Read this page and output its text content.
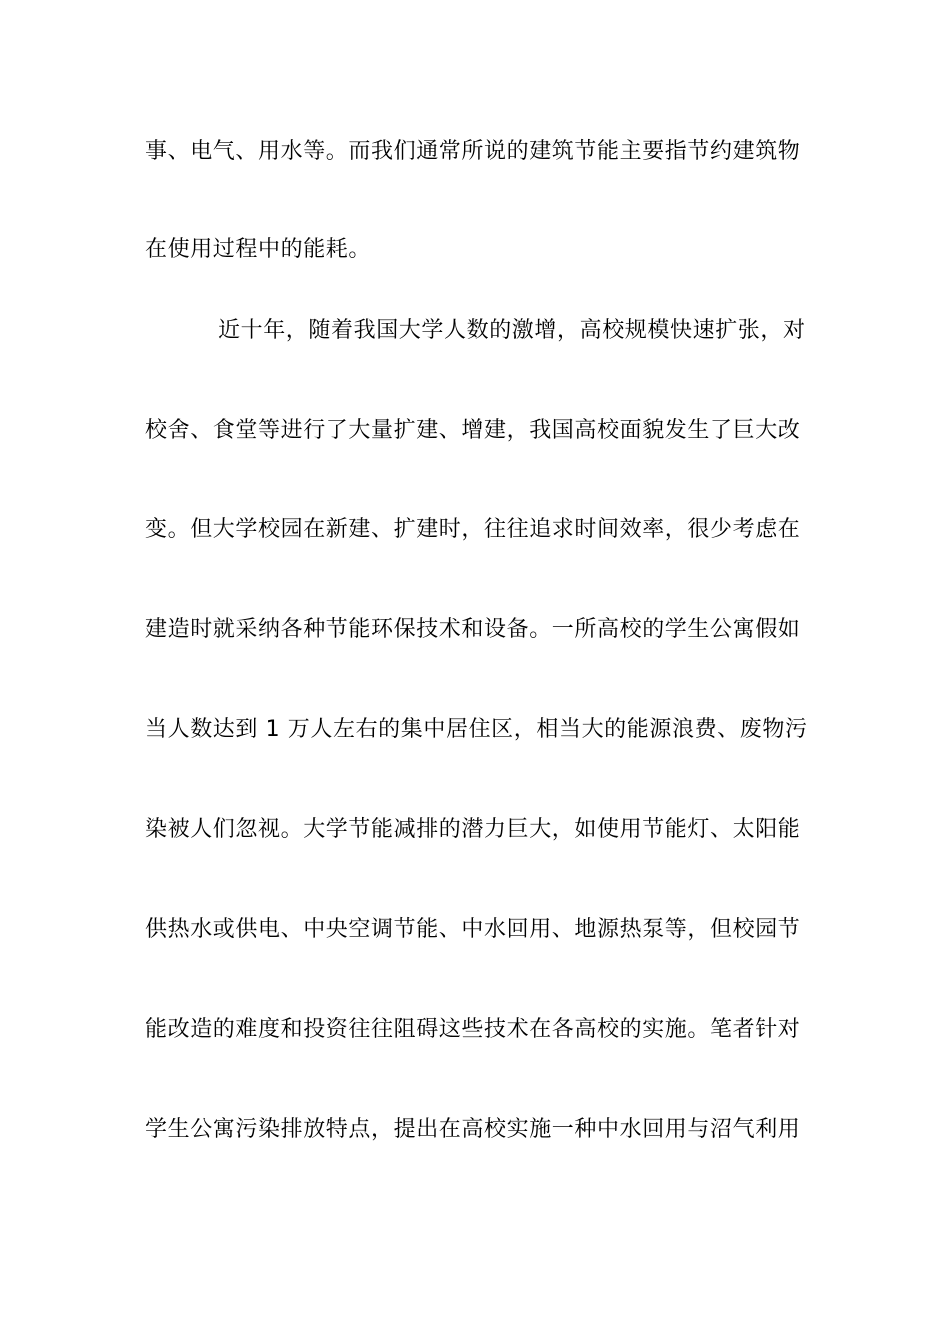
事、电气、用水等。而我们通常所说的建筑节能主要指节约建筑物
在使用过程中的能耗。
近十年，随着我国大学人数的激增，高校规模快速扩张，对
校舍、食堂等进行了大量扩建、增建，我国高校面貌发生了巨大改
变。但大学校园在新建、扩建时，往往追求时间效率，很少考虑在
建造时就采纳各种节能环保技术和设备。一所高校的学生公寓假如
当人数达到 1 万人左右的集中居住区，相当大的能源浪费、废物污
染被人们忽视。大学节能减排的潜力巨大，如使用节能灯、太阳能
供热水或供电、中央空调节能、中水回用、地源热泵等，但校园节
能改造的难度和投资往往阻碍这些技术在各高校的实施。笔者针对
学生公寓污染排放特点，提出在高校实施一种中水回用与沼气利用
